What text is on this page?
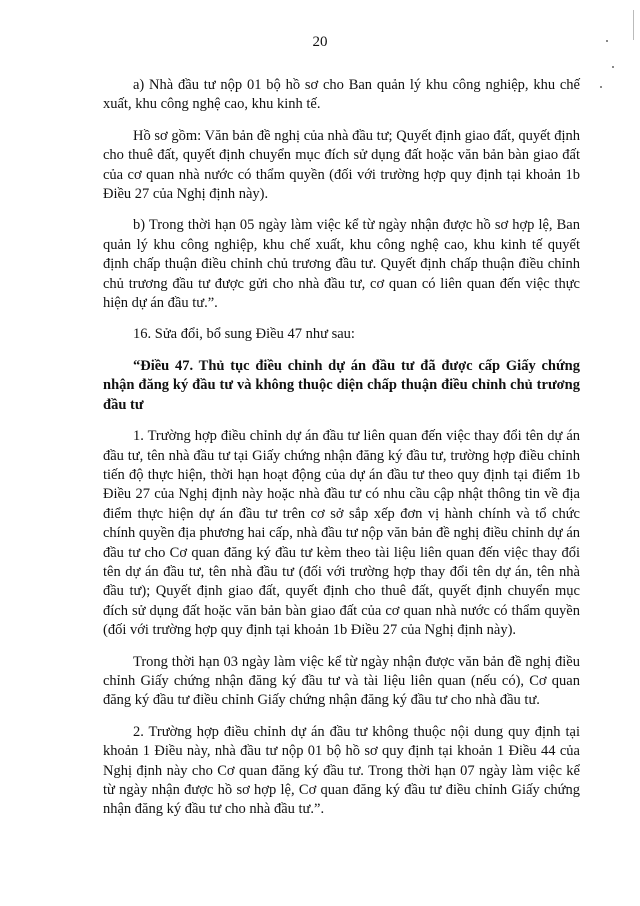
20

a) Nhà đầu tư nộp 01 bộ hồ sơ cho Ban quản lý khu công nghiệp, khu chế xuất, khu công nghệ cao, khu kinh tế.

Hồ sơ gồm: Văn bản đề nghị của nhà đầu tư; Quyết định giao đất, quyết định cho thuê đất, quyết định chuyển mục đích sử dụng đất hoặc văn bản bàn giao đất của cơ quan nhà nước có thẩm quyền (đối với trường hợp quy định tại khoản 1b Điều 27 của Nghị định này).

b) Trong thời hạn 05 ngày làm việc kể từ ngày nhận được hồ sơ hợp lệ, Ban quản lý khu công nghiệp, khu chế xuất, khu công nghệ cao, khu kinh tế quyết định chấp thuận điều chỉnh chủ trương đầu tư. Quyết định chấp thuận điều chỉnh chủ trương đầu tư được gửi cho nhà đầu tư, cơ quan có liên quan đến việc thực hiện dự án đầu tư.”.

16. Sửa đổi, bổ sung Điều 47 như sau:

“Điều 47. Thủ tục điều chỉnh dự án đầu tư đã được cấp Giấy chứng nhận đăng ký đầu tư và không thuộc diện chấp thuận điều chỉnh chủ trương đầu tư

1. Trường hợp điều chỉnh dự án đầu tư liên quan đến việc thay đổi tên dự án đầu tư, tên nhà đầu tư tại Giấy chứng nhận đăng ký đầu tư, trường hợp điều chỉnh tiến độ thực hiện, thời hạn hoạt động của dự án đầu tư theo quy định tại điểm 1b Điều 27 của Nghị định này hoặc nhà đầu tư có nhu cầu cập nhật thông tin về địa điểm thực hiện dự án đầu tư trên cơ sở sắp xếp đơn vị hành chính và tổ chức chính quyền địa phương hai cấp, nhà đầu tư nộp văn bản đề nghị điều chỉnh dự án đầu tư cho Cơ quan đăng ký đầu tư kèm theo tài liệu liên quan đến việc thay đổi tên dự án đầu tư, tên nhà đầu tư (đối với trường hợp thay đổi tên dự án, tên nhà đầu tư); Quyết định giao đất, quyết định cho thuê đất, quyết định chuyển mục đích sử dụng đất hoặc văn bản bàn giao đất của cơ quan nhà nước có thẩm quyền (đối với trường hợp quy định tại khoản 1b Điều 27 của Nghị định này).

Trong thời hạn 03 ngày làm việc kể từ ngày nhận được văn bản đề nghị điều chỉnh Giấy chứng nhận đăng ký đầu tư và tài liệu liên quan (nếu có), Cơ quan đăng ký đầu tư điều chỉnh Giấy chứng nhận đăng ký đầu tư cho nhà đầu tư.

2. Trường hợp điều chỉnh dự án đầu tư không thuộc nội dung quy định tại khoản 1 Điều này, nhà đầu tư nộp 01 bộ hồ sơ quy định tại khoản 1 Điều 44 của Nghị định này cho Cơ quan đăng ký đầu tư. Trong thời hạn 07 ngày làm việc kể từ ngày nhận được hồ sơ hợp lệ, Cơ quan đăng ký đầu tư điều chỉnh Giấy chứng nhận đăng ký đầu tư cho nhà đầu tư.”.
